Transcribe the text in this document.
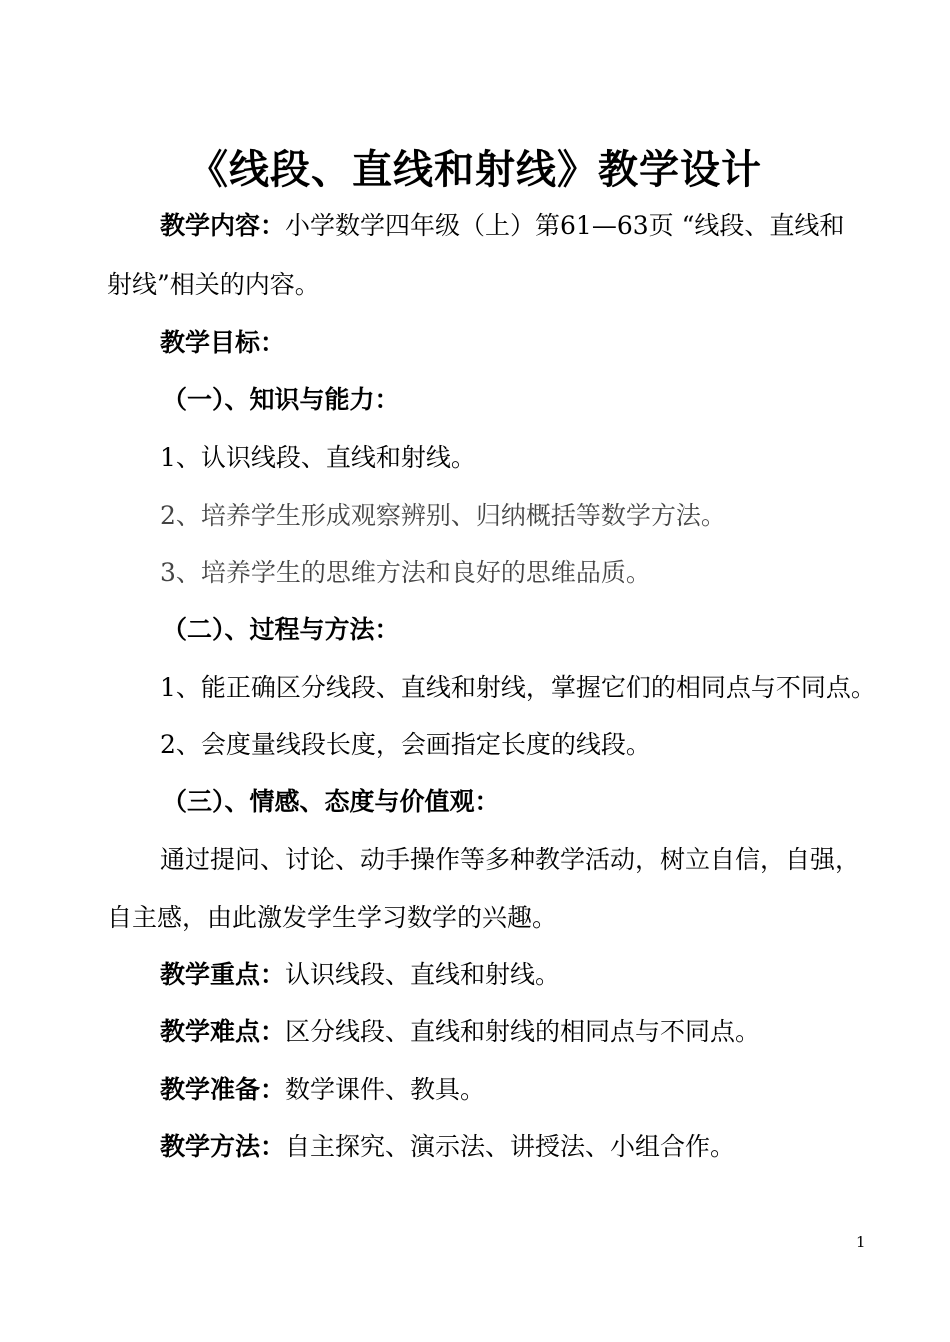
《线段、直线和射线》教学设计
教学内容：小学数学四年级（上）第61—63页 “线段、直线和
射线”相关的内容。
教学目标：
（一）、知识与能力：
1、认识线段、直线和射线。
2、培养学生形成观察辨别、归纳概括等数学方法。
3、培养学生的思维方法和良好的思维品质。
（二）、过程与方法：
1、能正确区分线段、直线和射线，掌握它们的相同点与不同点。
2、会度量线段长度，会画指定长度的线段。
（三）、情感、态度与价值观：
通过提问、讨论、动手操作等多种教学活动，树立自信，自强，
自主感，由此激发学生学习数学的兴趣。
教学重点：认识线段、直线和射线。
教学难点：区分线段、直线和射线的相同点与不同点。
教学准备：数学课件、教具。
教学方法：自主探究、演示法、讲授法、小组合作。
1
